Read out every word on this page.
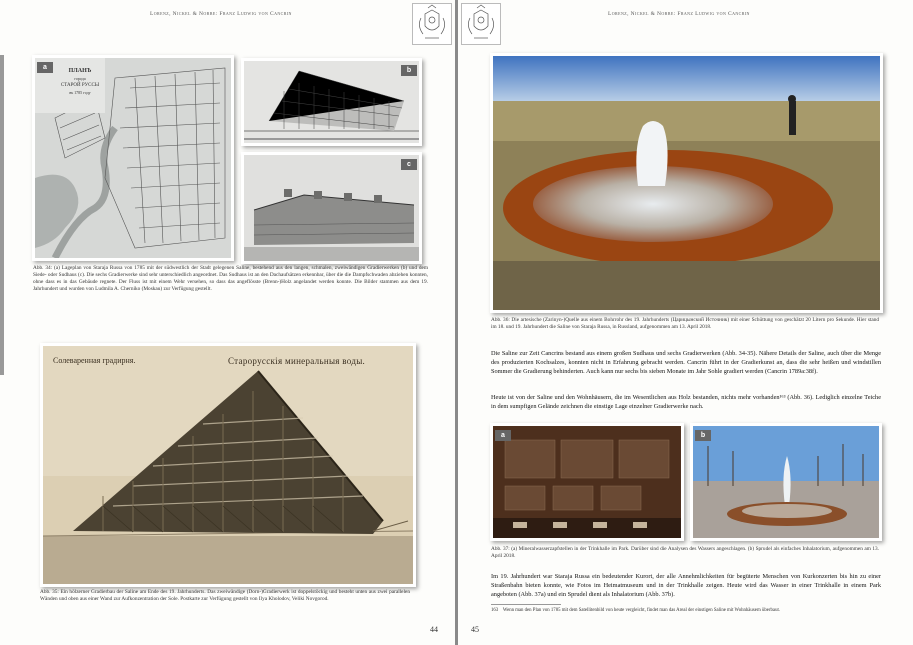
Lorenz, Nickel & Nobbe: Franz Ludwig von Cancrin
a	ПЛАНЪ
города
СТАРОЙ РУССЫ
въ 1785 году
b
c
Abb. 34: (a) Lageplan von Staraja Russa von 1785 mit der südwestlich der Stadt gelegenen Saline, bestehend aus den langen, schmalen, zweiwändigen Gradierwerken (b) und dem Siede- oder Sudhaus (c). Die sechs Gradierwerke sind sehr unterschiedlich angeordnet. Das Sudhaus ist an den Dachaufsätzen erkennbar, über die die Dampfschwaden abziehen konnten, ohne dass es in das Gebäude regnete. Der Fluss ist mit einem Wehr versehen, so dass das angeflösste (Brenn-)Holz angelandet werden konnte. Die Bilder stammen aus dem 19. Jahrhundert und wurden von Ludmila A. Cherniko (Moskau) zur Verfügung gestellt.
Солеваренная градирня.	Старорусскія минеральныя воды.
Abb. 35: Ein hölzerner Gradierbau der Saline am Ende des 19. Jahrhunderts. Das zweiwändige (Dorn-)Gradierwerk ist doppelstöckig und besteht unten aus zwei parallelen Wänden und oben aus einer Wand zur Aufkonzentration der Sole. Postkarte zur Verfügung gestellt von Ilya Kholodov, Veliki Novgorod.
44
Lorenz, Nickel & Nobbe: Franz Ludwig von Cancrin
Abb. 36: Die artesische (Zarinyn-)Quelle aus einem Bohrrohr des 19. Jahrhunderts (Царицынский Источник) mit einer Schüttung von geschätzt 20 Litern pro Sekunde. Hier stand im 18. und 19. Jahrhundert die Saline von Staraja Russa, in Russland, aufgenommen am 13. April 2018.
Die Saline zur Zeit Cancrins bestand aus einem großen Sudhaus und sechs Gradierwerken (Abb. 34-35). Nähere Details der Saline, auch über die Menge des produzierten Kochsalzes, konnten nicht in Erfahrung gebracht werden. Cancrin führt in der Gradierkunst an, dass die sehr heißen und windstillen Sommer die Gradierung behinderten. Auch kann nur sechs bis sieben Monate im Jahr Sohle gradiert werden (Cancrin 1789a:38f).
Heute ist von der Saline und den Wohnhäusern, die im Wesentlichen aus Holz bestanden, nichts mehr vorhanden¹⁶³ (Abb. 36). Lediglich einzelne Teiche in dem sumpfigen Gelände zeichnen die einstige Lage einzelner Gradierwerke nach.
a	b
Abb. 37: (a) Mineralwasserzapfstellen in der Trinkhalle im Park. Darüber sind die Analysen des Wassers angeschlagen. (b) Sprudel als einfaches Inhalatorium, aufgenommen am 13. April 2018.
Im 19. Jahrhundert war Staraja Russa ein bedeutender Kurort, der alle Annehmlichkeiten für begüterte Menschen von Kurkonzerten bis hin zu einer Straßenbahn bieten konnte, wie Fotos im Heimatmuseum und in der Trinkhalle zeigen. Heute wird das Wasser in einer Trinkhalle in einem Park angeboten (Abb. 37a) und ein Sprudel dient als Inhalatorium (Abb. 37b).
163 Wenn man den Plan von 1785 mit dem Satellitenbild von heute vergleicht, findet man das Areal der einstigen Saline mit Wohnhäusern überbaut.
45
